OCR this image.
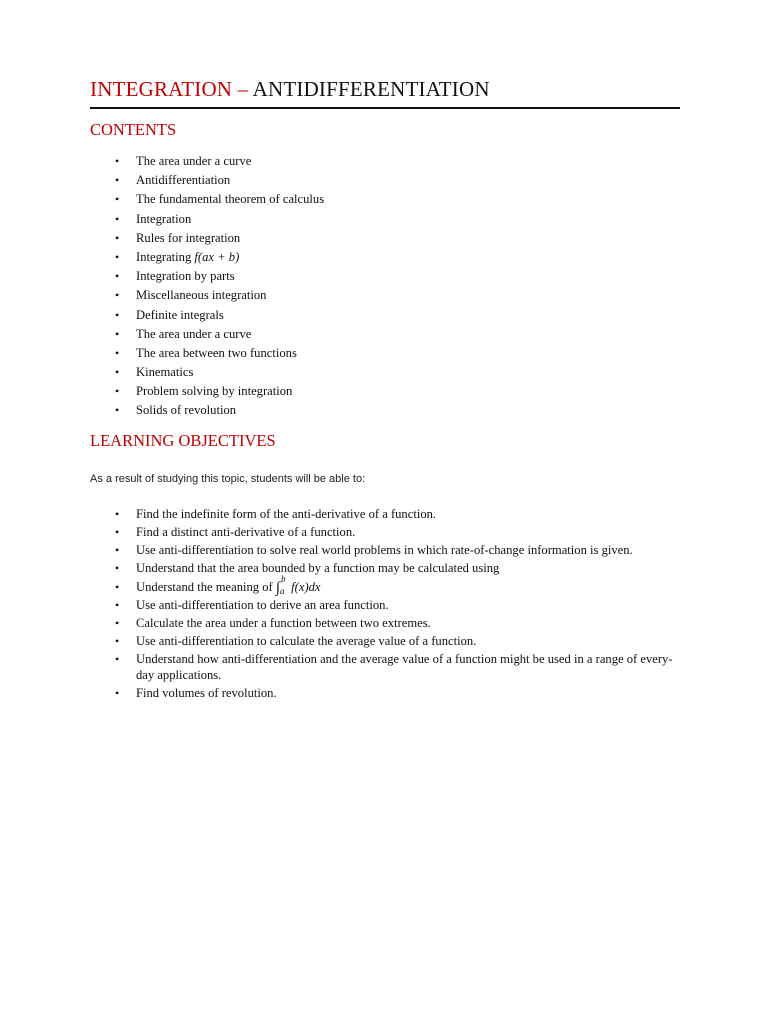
INTEGRATION – ANTIDIFFERENTIATION
CONTENTS
• The area under a curve
• Antidifferentiation
• The fundamental theorem of calculus
• Integration
• Rules for integration
• Integrating f(ax + b)
• Integration by parts
• Miscellaneous integration
• Definite integrals
• The area under a curve
• The area between two functions
• Kinematics
• Problem solving by integration
• Solids of revolution
LEARNING OBJECTIVES
As a result of studying this topic, students will be able to:
• Find the indefinite form of the anti-derivative of a function.
• Find a distinct anti-derivative of a function.
• Use anti-differentiation to solve real world problems in which rate-of-change information is given.
• Understand that the area bounded by a function may be calculated using
• Understand the meaning of ∫
b
a f(x)dx
• Use anti-differentiation to derive an area function.
• Calculate the area under a function between two extremes.
• Use anti-differentiation to calculate the average value of a function.
• Understand how anti-differentiation and the average value of a function might be used in a range of every-day applications.
• Find volumes of revolution.
